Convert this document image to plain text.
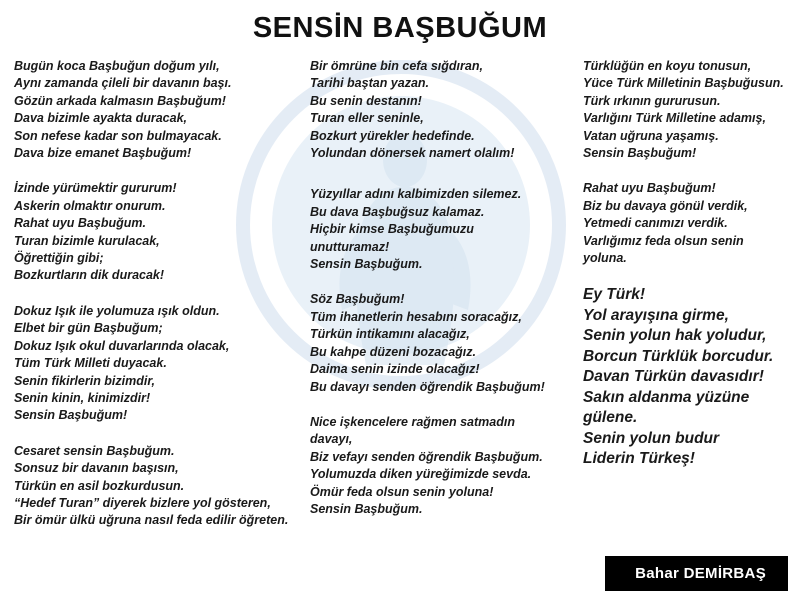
SENSİN BAŞBUĞUM
Bugün koca Başbuğun doğum yılı,
Aynı zamanda çileli bir davanın başı.
Gözün arkada kalmasın Başbuğum!
Dava bizimle ayakta duracak,
Son nefese kadar son bulmayacak.
Dava bize emanet Başbuğum!
İzinde yürümektir gururum!
Askerin olmaktır onurum.
Rahat uyu Başbuğum.
Turan bizimle kurulacak,
Öğrettiğin gibi;
Bozkurtların dik duracak!
Dokuz Işık ile yolumuza ışık oldun.
Elbet bir gün Başbuğum;
Dokuz Işık okul duvarlarında olacak,
Tüm Türk Milleti duyacak.
Senin fikirlerin bizimdir,
Senin kinin, kinimizdir!
Sensin Başbuğum!
Cesaret sensin Başbuğum.
Sonsuz bir davanın başısın,
Türkün en asil bozkurdusun.
“Hedef Turan” diyerek bizlere yol gösteren,
Bir ömür ülkü uğruna nasıl feda edilir öğreten.
Bir ömrüne bin cefa sığdıran,
Tarihi baştan yazan.
Bu senin destanın!
Turan eller seninle,
Bozkurt yürekler hedefinde.
Yolundan dönersek namert olalım!
Yüzyıllar adını kalbimizden silemez.
Bu dava Başbuğsuz kalamaz.
Hiçbir kimse Başbuğumuzu
unutturamaz!
Sensin Başbuğum.
Söz Başbuğum!
Tüm ihanetlerin hesabını soracağız,
Türkün intikamını alacağız,
Bu kahpe düzeni bozacağız.
Daima senin izinde olacağız!
Bu davayı senden öğrendik Başbuğum!
Nice işkencelere rağmen satmadın
davayı,
Biz vefayı senden öğrendik Başbuğum.
Yolumuzda diken yüreğimizde sevda.
Ömür feda olsun senin yoluna!
Sensin Başbuğum.
Türklüğün en koyu tonusun,
Yüce Türk Milletinin Başbuğusun.
Türk ırkının gururusun.
Varlığını Türk Milletine adamış,
Vatan uğruna yaşamış.
Sensin Başbuğum!
Rahat uyu Başbuğum!
Biz bu davaya gönül verdik,
Yetmedi canımızı verdik.
Varlığımız feda olsun senin
yoluna.
Ey Türk!
Yol arayışına girme,
Senin yolun hak yoludur,
Borcun Türklük borcudur.
Davan Türkün davasıdır!
Sakın aldanma yüzüne
gülene.
Senin yolun budur
Liderin Türkeş!
Bahar DEMİRBAŞ
